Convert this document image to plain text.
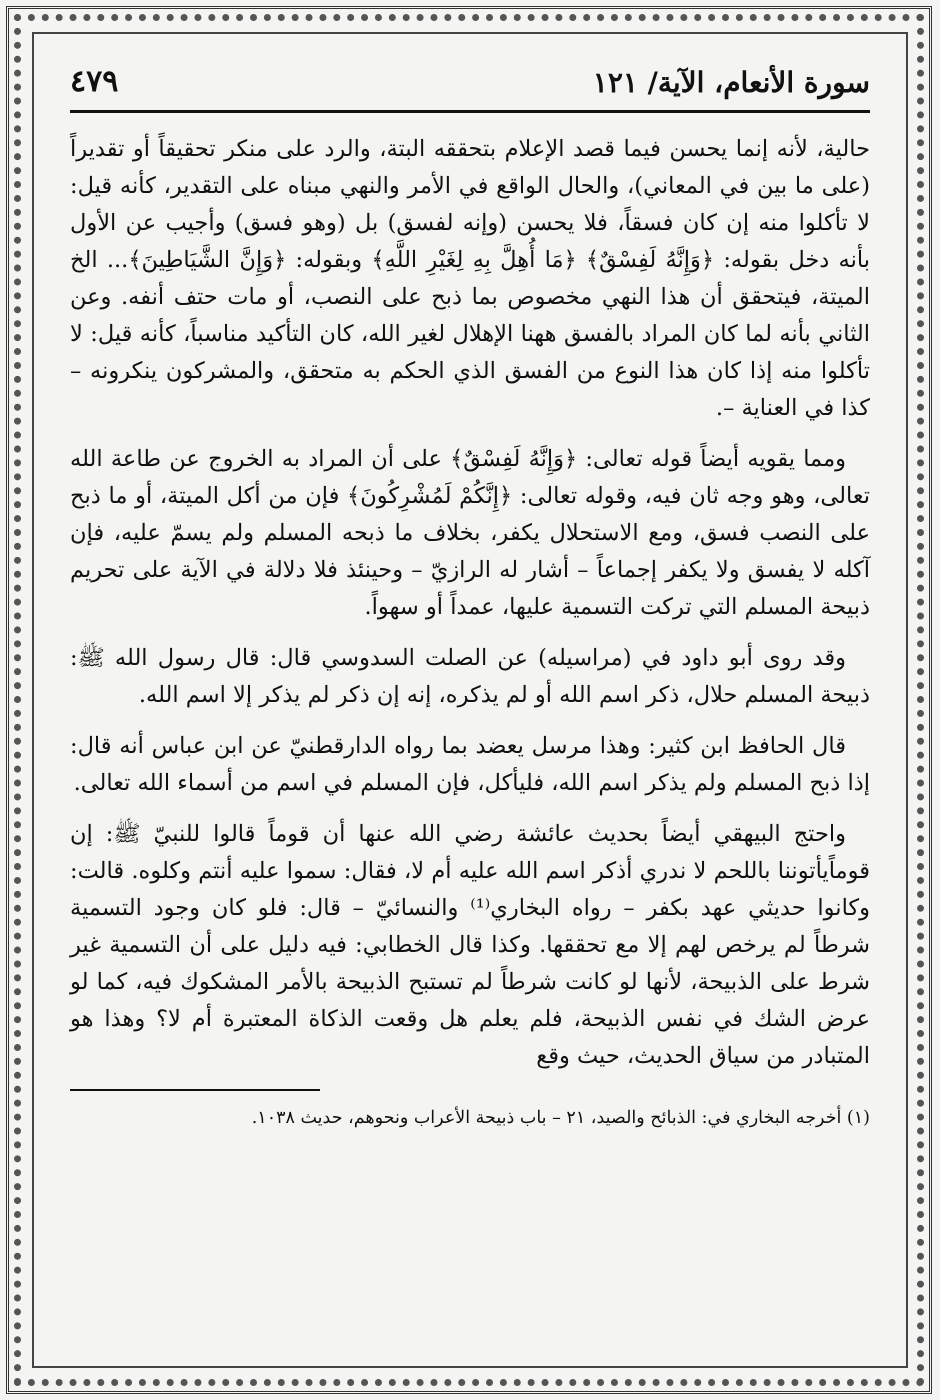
سورة الأنعام، الآية/ ١٢١
٤٧٩

حالية، لأنه إنما يحسن فيما قصد الإعلام بتحققه البتة، والرد على منكر تحقيقاً أو تقديراً (على ما بين في المعاني)، والحال الواقع في الأمر والنهي مبناه على التقدير، كأنه قيل: لا تأكلوا منه إن كان فسقاً، فلا يحسن (وإنه لفسق) بل (وهو فسق) وأجيب عن الأول بأنه دخل بقوله: ﴿وَإِنَّهُ لَفِسْقٌ﴾ ﴿مَا أُهِلَّ بِهِ لِغَيْرِ اللَّهِ﴾ وبقوله: ﴿وَإِنَّ الشَّيَاطِينَ﴾... الخ الميتة، فيتحقق أن هذا النهي مخصوص بما ذبح على النصب، أو مات حتف أنفه. وعن الثاني بأنه لما كان المراد بالفسق ههنا الإهلال لغير الله، كان التأكيد مناسباً، كأنه قيل: لا تأكلوا منه إذا كان هذا النوع من الفسق الذي الحكم به متحقق، والمشركون ينكرونه – كذا في العناية –.

ومما يقويه أيضاً قوله تعالى: ﴿وَإِنَّهُ لَفِسْقٌ﴾ على أن المراد به الخروج عن طاعة الله تعالى، وهو وجه ثان فيه، وقوله تعالى: ﴿إِنَّكُمْ لَمُشْرِكُونَ﴾ فإن من أكل الميتة، أو ما ذبح على النصب فسق، ومع الاستحلال يكفر، بخلاف ما ذبحه المسلم ولم يسمّ عليه، فإن آكله لا يفسق ولا يكفر إجماعاً – أشار له الرازيّ – وحينئذ فلا دلالة في الآية على تحريم ذبيحة المسلم التي تركت التسمية عليها، عمداً أو سهواً.

وقد روى أبو داود في (مراسيله) عن الصلت السدوسي قال: قال رسول الله ﷺ: ذبيحة المسلم حلال، ذكر اسم الله أو لم يذكره، إنه إن ذكر لم يذكر إلا اسم الله.

قال الحافظ ابن كثير: وهذا مرسل يعضد بما رواه الدارقطنيّ عن ابن عباس أنه قال: إذا ذبح المسلم ولم يذكر اسم الله، فليأكل، فإن المسلم في اسم من أسماء الله تعالى.

واحتج البيهقي أيضاً بحديث عائشة رضي الله عنها أن قوماً قالوا للنبيّ ﷺ: إن قوماًيأتوننا باللحم لا ندري أذكر اسم الله عليه أم لا، فقال: سموا عليه أنتم وكلوه. قالت: وكانوا حديثي عهد بكفر – رواه البخاري⁽¹⁾ والنسائيّ – قال: فلو كان وجود التسمية شرطاً لم يرخص لهم إلا مع تحققها. وكذا قال الخطابي: فيه دليل على أن التسمية غير شرط على الذبيحة، لأنها لو كانت شرطاً لم تستبح الذبيحة بالأمر المشكوك فيه، كما لو عرض الشك في نفس الذبيحة، فلم يعلم هل وقعت الذكاة المعتبرة أم لا؟ وهذا هو المتبادر من سياق الحديث، حيث وقع

(١) أخرجه البخاري في: الذبائح والصيد، ٢١ – باب ذبيحة الأعراب ونحوهم، حديث ١٠٣٨.
